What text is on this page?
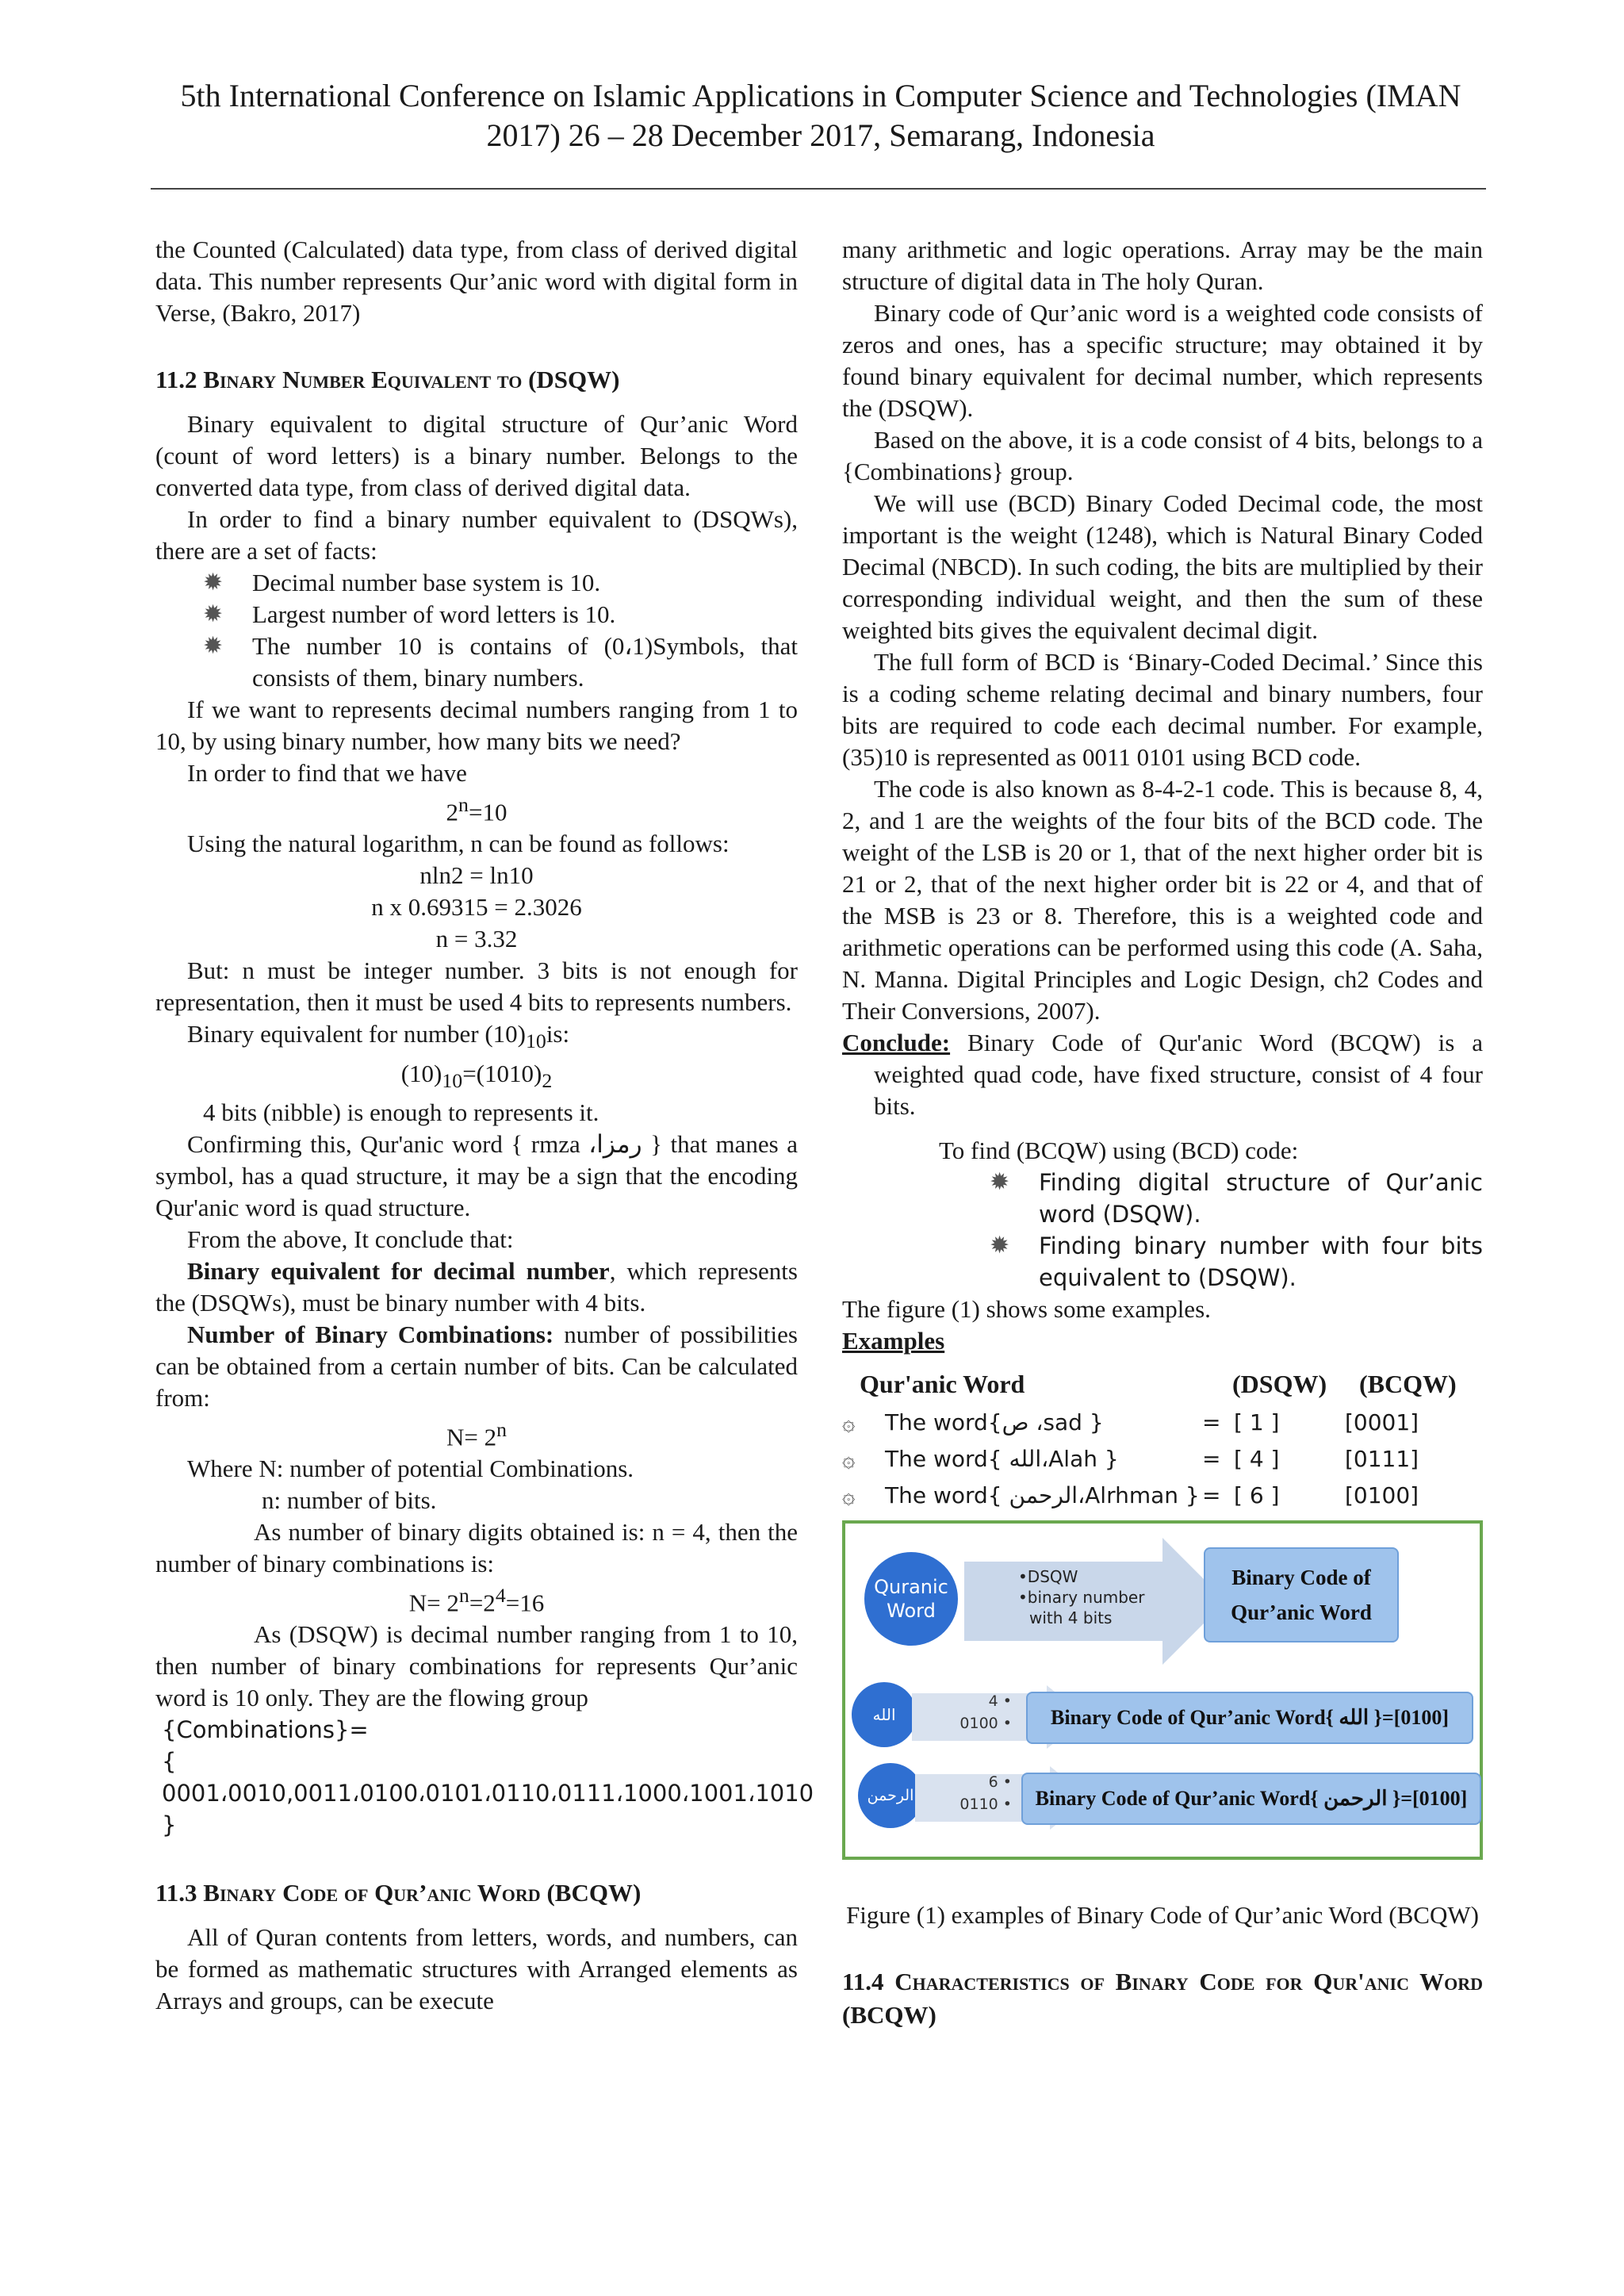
5th International Conference on Islamic Applications in Computer Science and Technologies (IMAN
2017) 26 – 28 December 2017, Semarang, Indonesia

the Counted (Calculated) data type, from class of derived digital data. This number represents Qur’anic word with digital form in Verse, (Bakro, 2017)

11.2 Binary Number Equivalent to (DSQW)

Binary equivalent to digital structure of Qur’anic Word (count of word letters) is a binary number. Belongs to the converted data type, from class of derived digital data.

In order to find a binary number equivalent to (DSQWs), there are a set of facts:

✹ Decimal number base system is 10.
✹ Largest number of word letters is 10.
✹ The number 10 is contains of (0،1)Symbols, that consists of them, binary numbers.

If we want to represents decimal numbers ranging from 1 to 10, by using binary number, how many bits we need?

In order to find that we have

$2^n=10$

Using the natural logarithm, n can be found as follows:

nln2 = ln10

n x 0.69315 = 2.3026

n = 3.32

But: n must be integer number. 3 bits is not enough for representation, then it must be used 4 bits to represents numbers.

Binary equivalent for number $(10)_{10}is$:

$(10)_{10}=(1010)_2$

4 bits (nibble) is enough to represents it.

Confirming this, Qur'anic word { rmza ،رمزا } that manes a symbol, has a quad structure, it may be a sign that the encoding Qur'anic word is quad structure.

From the above, It conclude that:

Binary equivalent for decimal number, which represents the (DSQWs), must be binary number with 4 bits.

Number of Binary Combinations: number of possibilities can be obtained from a certain number of bits. Can be calculated from:

$N= 2^n$

Where N: number of potential Combinations.

n: number of bits.

As number of binary digits obtained is: n = 4, then the number of binary combinations is:

$N= 2^n=2^4=16$

As (DSQW) is decimal number ranging from 1 to 10, then number of binary combinations for represents Qur’anic word is 10 only. They are the flowing group

{Combinations}=

{

0001،0010,0011،0100،0101،0110،0111،1000،1001،1010

}

11.3 Binary Code of Qur’anic Word (BCQW)

All of Quran contents from letters, words, and numbers, can be formed as mathematic structures with Arranged elements as Arrays and groups, can be execute

many arithmetic and logic operations. Array may be the main structure of digital data in The holy Quran.

Binary code of Qur’anic word is a weighted code consists of zeros and ones, has a specific structure; may obtained it by found binary equivalent for decimal number, which represents the (DSQW).

Based on the above, it is a code consist of 4 bits, belongs to a {Combinations} group.

We will use (BCD) Binary Coded Decimal code, the most important is the weight (1248), which is Natural Binary Coded Decimal (NBCD). In such coding, the bits are multiplied by their corresponding individual weight, and then the sum of these weighted bits gives the equivalent decimal digit.

The full form of BCD is ‘Binary-Coded Decimal.’ Since this is a coding scheme relating decimal and binary numbers, four bits are required to code each decimal number. For example, (35)10 is represented as 0011 0101 using BCD code.

The code is also known as 8-4-2-1 code. This is because 8, 4, 2, and 1 are the weights of the four bits of the BCD code. The weight of the LSB is 20 or 1, that of the next higher order bit is 21 or 2, that of the next higher order bit is 22 or 4, and that of the MSB is 23 or 8. Therefore, this is a weighted code and arithmetic operations can be performed using this code (A. Saha, N. Manna. Digital Principles and Logic Design, ch2 Codes and Their Conversions, 2007).

Conclude: Binary Code of Qur'anic Word (BCQW) is a weighted quad code, have fixed structure, consist of 4 four bits.

To find (BCQW) using (BCD) code:

✹ Finding digital structure of Qur’anic word (DSQW).
✹ Finding binary number with four bits equivalent to (DSQW).

The figure (1) shows some examples.

Examples

Qur'anic Word	(DSQW)	(BCQW)
۞	The word{ص ،sad }	= [ 1 ]	[0001]
۞	The word{ الله،Alah }	= [ 4 ]	[0111]
۞	The word{ الرحمن،Alrhman } = [ 6 ]	[0100]
Quranic Word
•DSQW
•binary number
with 4 bits
Binary Code of
Qur’anic Word
الله
4 •
0100 •	Binary Code of Qur’anic Word{ الله }=[0100]
الرحمن
6 •
0110 •	Binary Code of Qur’anic Word{ الرحمن }=[0100]

Figure (1) examples of Binary Code of Qur’anic Word (BCQW)

11.4 Characteristics of Binary Code for Qur'anic Word

(BCQW)
